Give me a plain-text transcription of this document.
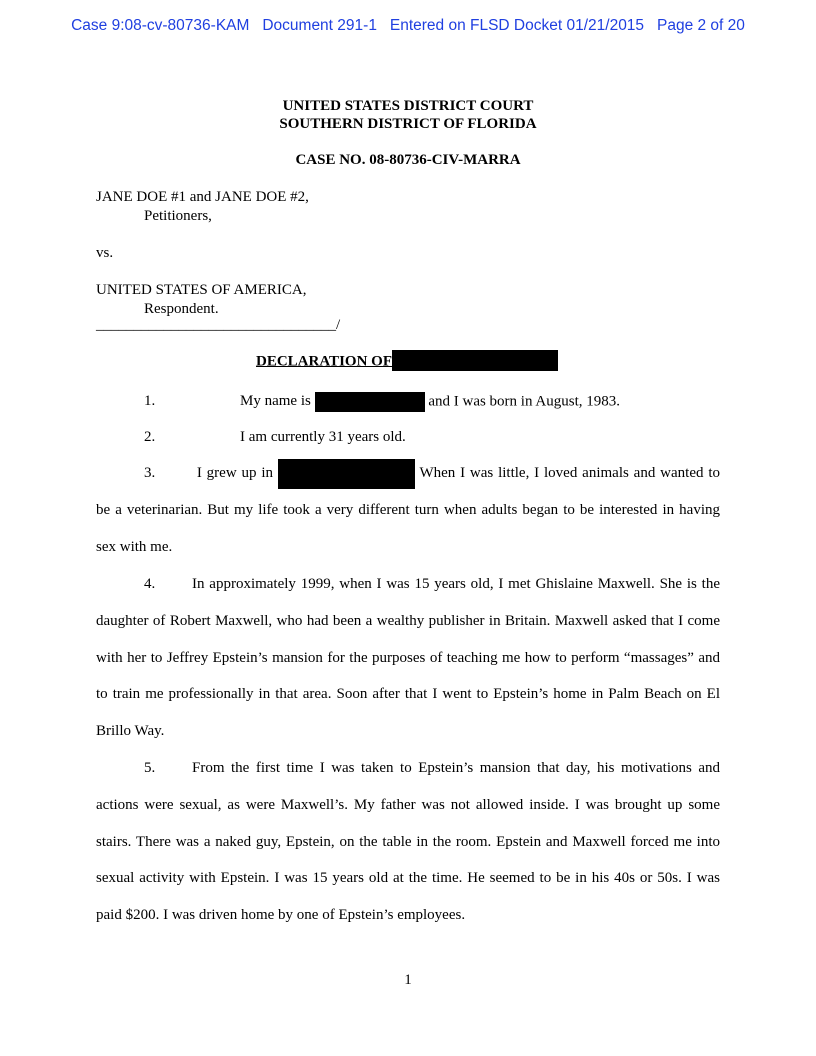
Case 9:08-cv-80736-KAM Document 291-1 Entered on FLSD Docket 01/21/2015 Page 2 of 20
UNITED STATES DISTRICT COURT
SOUTHERN DISTRICT OF FLORIDA
CASE NO. 08-80736-CIV-MARRA
JANE DOE #1 and JANE DOE #2,
Petitioners,
vs.
UNITED STATES OF AMERICA,
Respondent.
________________________________/
DECLARATION OF
1.	My name is	and I was born in August, 1983.
2.	I am currently 31 years old.
3.	I grew up in	When I was little, I loved animals and wanted to be a veterinarian. But my life took a very different turn when adults began to be interested in having sex with me.
4. In approximately 1999, when I was 15 years old, I met Ghislaine Maxwell. She is the daughter of Robert Maxwell, who had been a wealthy publisher in Britain. Maxwell asked that I come with her to Jeffrey Epstein’s mansion for the purposes of teaching me how to perform “massages” and to train me professionally in that area. Soon after that I went to Epstein’s home in Palm Beach on El Brillo Way.
5. From the first time I was taken to Epstein’s mansion that day, his motivations and actions were sexual, as were Maxwell’s. My father was not allowed inside. I was brought up some stairs. There was a naked guy, Epstein, on the table in the room. Epstein and Maxwell forced me into sexual activity with Epstein. I was 15 years old at the time. He seemed to be in his 40s or 50s. I was paid $200. I was driven home by one of Epstein’s employees.
1
